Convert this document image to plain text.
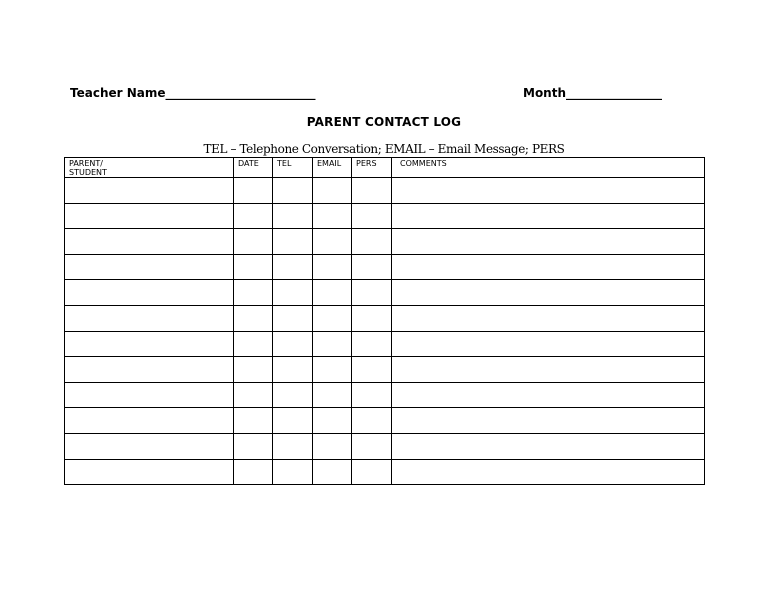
Teacher Name_________________________	Month________________
PARENT CONTACT LOG
TEL – Telephone Conversation; EMAIL – Email Message; PERS
PARENT/
STUDENT	DATE	TEL	EMAIL	PERS	COMMENTS
